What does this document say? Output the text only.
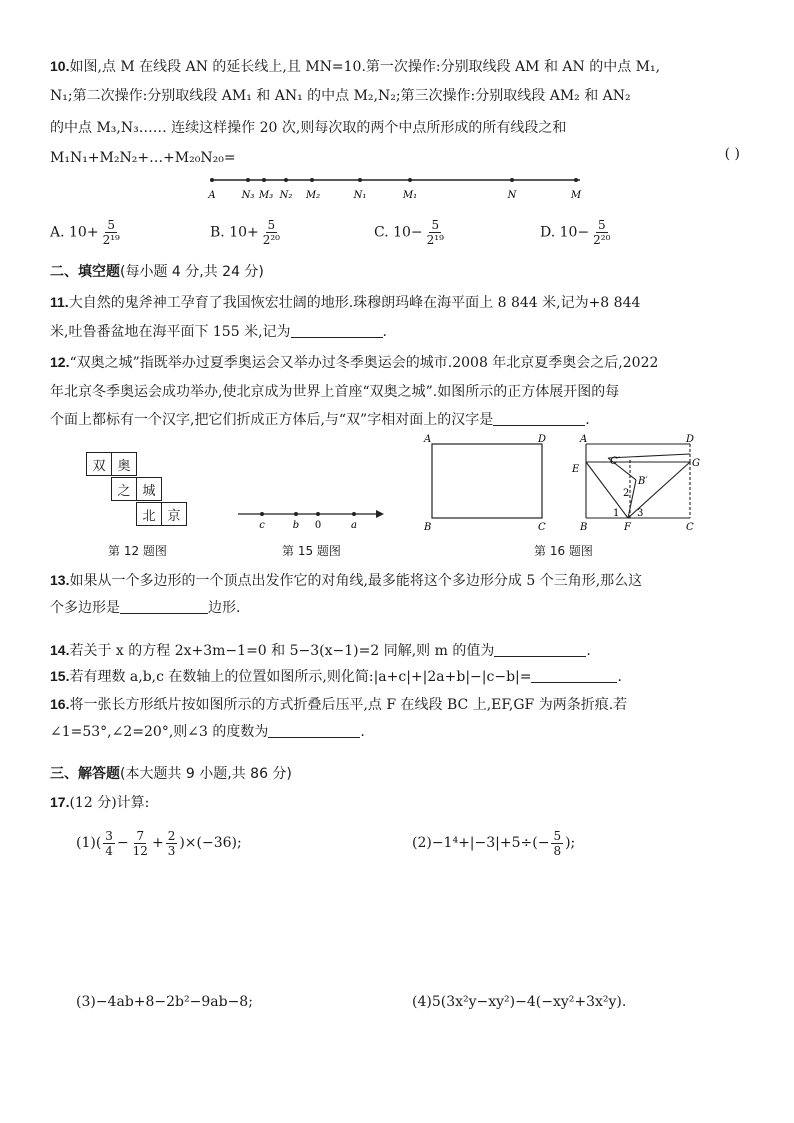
10.如图,点 M 在线段 AN 的延长线上,且 MN=10.第一次操作:分别取线段 AM 和 AN 的中点 M₁,
N₁;第二次操作:分别取线段 AM₁ 和 AN₁ 的中点 M₂,N₂;第三次操作:分别取线段 AM₂ 和 AN₂
的中点 M₃,N₃…… 连续这样操作 20 次,则每次取的两个中点所形成的所有线段之和
M₁N₁+M₂N₂+…+M₂₀N₂₀=	( )
A	N₃ M₃ N₂ M₂	N₁	M₁	N	M
A. $10+ \frac{5}{\text{2¹⁹}}$	B. $10+ \frac{5}{\text{2²⁰}}$	C. $10- \frac{5}{\text{2¹⁹}}$	D. $10- \frac{5}{\text{2²⁰}}$
二、填空题(每小题 4 分,共 24 分)
11.大自然的鬼斧神工孕育了我国恢宏壮阔的地形.珠穆朗玛峰在海平面上 8 844 米,记为+8 844
米,吐鲁番盆地在海平面下 155 米,记为	.
12.“双奥之城”指既举办过夏季奥运会又举办过冬季奥运会的城市.2008 年北京夏季奥会之后,2022
年北京冬季奥运会成功举办,使北京成为世界上首座“双奥之城”.如图所示的正方体展开图的每
个面上都标有一个汉字,把它们折成正方体后,与“双”字相对面上的汉字是	.
双 奥
之 城
北 京
第 12 题图
c	b 0	a
第 15 题图
A	D
B	C
A	D
E
G
C′
B′
2
1 3
B	F	C
第 16 题图
13.如果从一个多边形的一个顶点出发作它的对角线,最多能将这个多边形分成 5 个三角形,那么这
个多边形是	边形.
14.若关于 x 的方程 2x+3m−1=0 和 5−3(x−1)=2 同解,则 m 的值为	.
15.若有理数 a,b,c 在数轴上的位置如图所示,则化简:|a+c|+|2a+b|−|c−b|=	.
16.将一张长方形纸片按如图所示的方式折叠后压平,点 F 在线段 BC 上,EF,GF 为两条折痕.若
∠1=53°,∠2=20°,则∠3 的度数为	.
三、解答题(本大题共 9 小题,共 86 分)
17.(12 分)计算:
$(1)( \frac{3}{4} - \frac{7}{12} + \frac{2}{3} )\times(-36)$;	$(2)-1^4+|-3|+5\div(- \frac{5}{8}$ );
(3)−4ab+8−2b²−9ab−8;	(4)5(3x²y−xy²)−4(−xy²+3x²y).
